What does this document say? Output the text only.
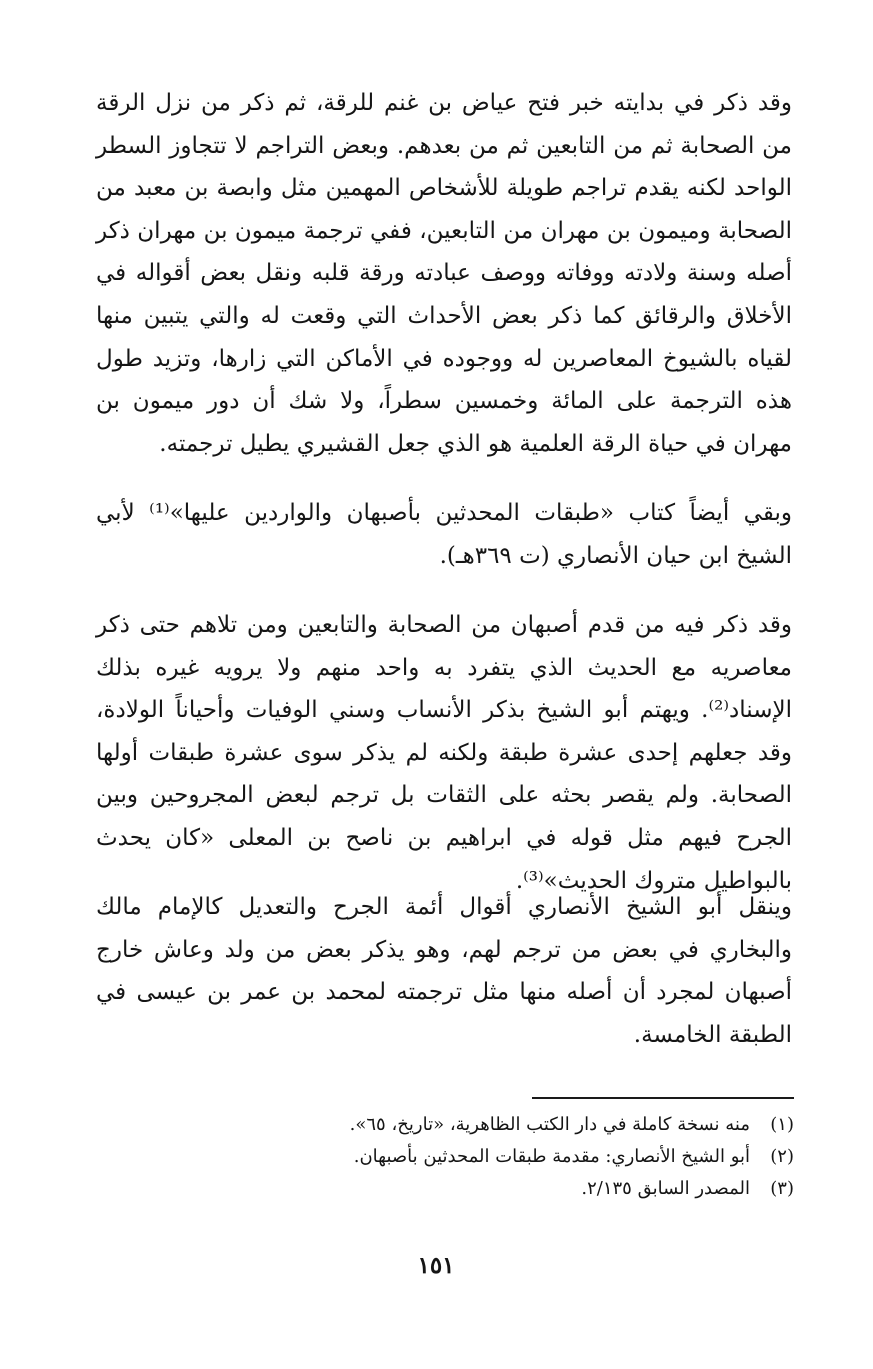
وقد ذكر في بدايته خبر فتح عياض بن غنم للرقة، ثم ذكر من نزل الرقة من الصحابة ثم من التابعين ثم من بعدهم. وبعض التراجم لا تتجاوز السطر الواحد لكنه يقدم تراجم طويلة للأشخاص المهمين مثل وابصة بن معبد من الصحابة وميمون بن مهران من التابعين، ففي ترجمة ميمون بن مهران ذكر أصله وسنة ولادته ووفاته ووصف عبادته ورقة قلبه ونقل بعض أقواله في الأخلاق والرقائق كما ذكر بعض الأحداث التي وقعت له والتي يتبين منها لقياه بالشيوخ المعاصرين له ووجوده في الأماكن التي زارها، وتزيد طول هذه الترجمة على المائة وخمسين سطراً، ولا شك أن دور ميمون بن مهران في حياة الرقة العلمية هو الذي جعل القشيري يطيل ترجمته.

وبقي أيضاً كتاب «طبقات المحدثين بأصبهان والواردين عليها»⁽¹⁾ لأبي الشيخ ابن حيان الأنصاري (ت ٣٦٩هـ).

وقد ذكر فيه من قدم أصبهان من الصحابة والتابعين ومن تلاهم حتى ذكر معاصريه مع الحديث الذي يتفرد به واحد منهم ولا يرويه غيره بذلك الإسناد⁽²⁾. ويهتم أبو الشيخ بذكر الأنساب وسني الوفيات وأحياناً الولادة، وقد جعلهم إحدى عشرة طبقة ولكنه لم يذكر سوى عشرة طبقات أولها الصحابة. ولم يقصر بحثه على الثقات بل ترجم لبعض المجروحين وبين الجرح فيهم مثل قوله في ابراهيم بن ناصح بن المعلى «كان يحدث بالبواطيل متروك الحديث»⁽³⁾.

وينقل أبو الشيخ الأنصاري أقوال أئمة الجرح والتعديل كالإمام مالك والبخاري في بعض من ترجم لهم، وهو يذكر بعض من ولد وعاش خارج أصبهان لمجرد أن أصله منها مثل ترجمته لمحمد بن عمر بن عيسى في الطبقة الخامسة.

(١)
منه نسخة كاملة في دار الكتب الظاهرية، «تاريخ، ٦٥».
(٢)
أبو الشيخ الأنصاري: مقدمة طبقات المحدثين بأصبهان.
(٣)
المصدر السابق ٢/١٣٥.
١٥١
